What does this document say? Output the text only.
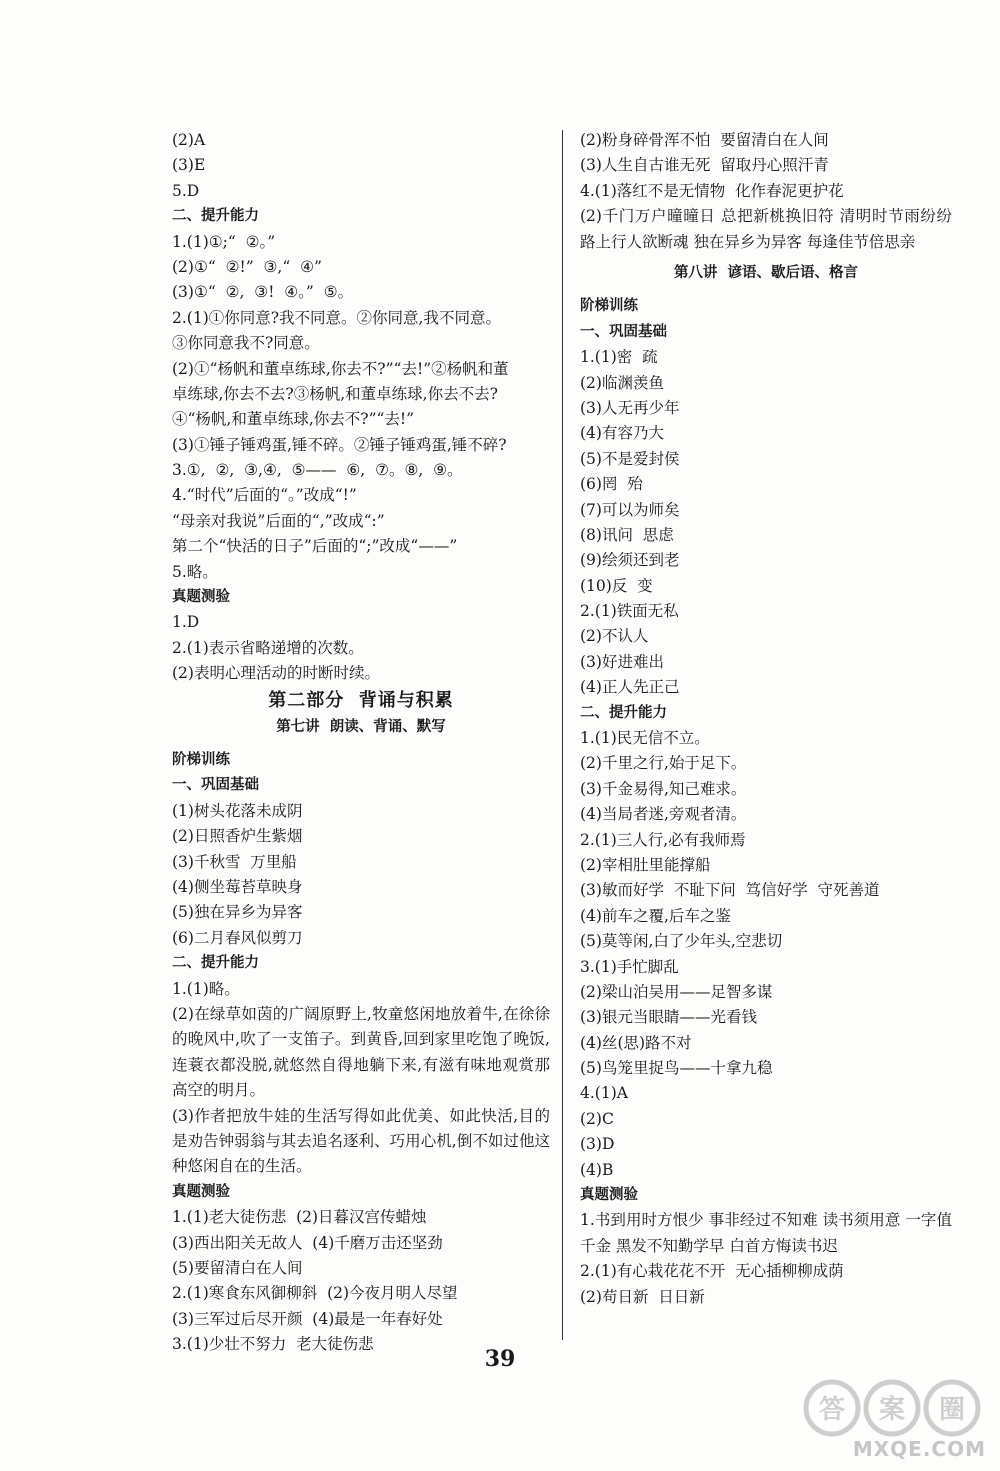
(2)A
(3)E
5.D
二、提升能力
1.(1)①;“  ②。”
(2)①“  ②!”  ③,“  ④”
(3)①“  ②,  ③!  ④。”  ⑤。
2.(1)①你同意?我不同意。②你同意,我不同意。
③你同意我不?同意。
(2)①“杨帆和董卓练球,你去不?”“去!”②杨帆和董
卓练球,你去不去?③杨帆,和董卓练球,你去不去?
④“杨帆,和董卓练球,你去不?”“去!”
(3)①锤子锤鸡蛋,锤不碎。②锤子锤鸡蛋,锤不碎?
3.①,  ②,  ③,④,  ⑤——  ⑥,  ⑦。⑧,  ⑨。
4.“时代”后面的“。”改成“!”
“母亲对我说”后面的“,”改成“:”
第二个“快活的日子”后面的“;”改成“——”
5.略。
真题测验
1.D
2.(1)表示省略递增的次数。
(2)表明心理活动的时断时续。
第二部分  背诵与积累
第七讲  朗读、背诵、默写
阶梯训练
一、巩固基础
(1)树头花落未成阴
(2)日照香炉生紫烟
(3)千秋雪  万里船
(4)侧坐莓苔草映身
(5)独在异乡为异客
(6)二月春风似剪刀
二、提升能力
1.(1)略。
(2)在绿草如茵的广阔原野上,牧童悠闲地放着牛,在徐徐的晚风中,吹了一支笛子。到黄昏,回到家里吃饱了晚饭,连蓑衣都没脱,就悠然自得地躺下来,有滋有味地观赏那高空的明月。
(3)作者把放牛娃的生活写得如此优美、如此快活,目的是劝告钟弱翁与其去追名逐利、巧用心机,倒不如过他这种悠闲自在的生活。
真题测验
1.(1)老大徒伤悲  (2)日暮汉宫传蜡烛
(3)西出阳关无故人  (4)千磨万击还坚劲
(5)要留清白在人间
2.(1)寒食东风御柳斜  (2)今夜月明人尽望
(3)三军过后尽开颜  (4)最是一年春好处
3.(1)少壮不努力  老大徒伤悲
(2)粉身碎骨浑不怕  要留清白在人间
(3)人生自古谁无死  留取丹心照汗青
4.(1)落红不是无情物  化作春泥更护花
(2)千门万户曈曈日 总把新桃换旧符 清明时节雨纷纷 路上行人欲断魂 独在异乡为异客 每逢佳节倍思亲
第八讲  谚语、歇后语、格言
阶梯训练
一、巩固基础
1.(1)密  疏
(2)临渊羡鱼
(3)人无再少年
(4)有容乃大
(5)不是爱封侯
(6)罔  殆
(7)可以为师矣
(8)讯问  思虑
(9)绘须还到老
(10)反  变
2.(1)铁面无私
(2)不认人
(3)好进难出
(4)正人先正己
二、提升能力
1.(1)民无信不立。
(2)千里之行,始于足下。
(3)千金易得,知己难求。
(4)当局者迷,旁观者清。
2.(1)三人行,必有我师焉
(2)宰相肚里能撑船
(3)敏而好学  不耻下问  笃信好学  守死善道
(4)前车之覆,后车之鉴
(5)莫等闲,白了少年头,空悲切
3.(1)手忙脚乱
(2)梁山泊吴用——足智多谋
(3)银元当眼睛——光看钱
(4)丝(思)路不对
(5)鸟笼里捉鸟——十拿九稳
4.(1)A
(2)C
(3)D
(4)B
真题测验
1.书到用时方恨少 事非经过不知难 读书须用意 一字值千金 黑发不知勤学早 白首方悔读书迟
2.(1)有心栽花花不开  无心插柳柳成荫
(2)苟日新  日日新
39
答 案 圈
MXQE.COM
